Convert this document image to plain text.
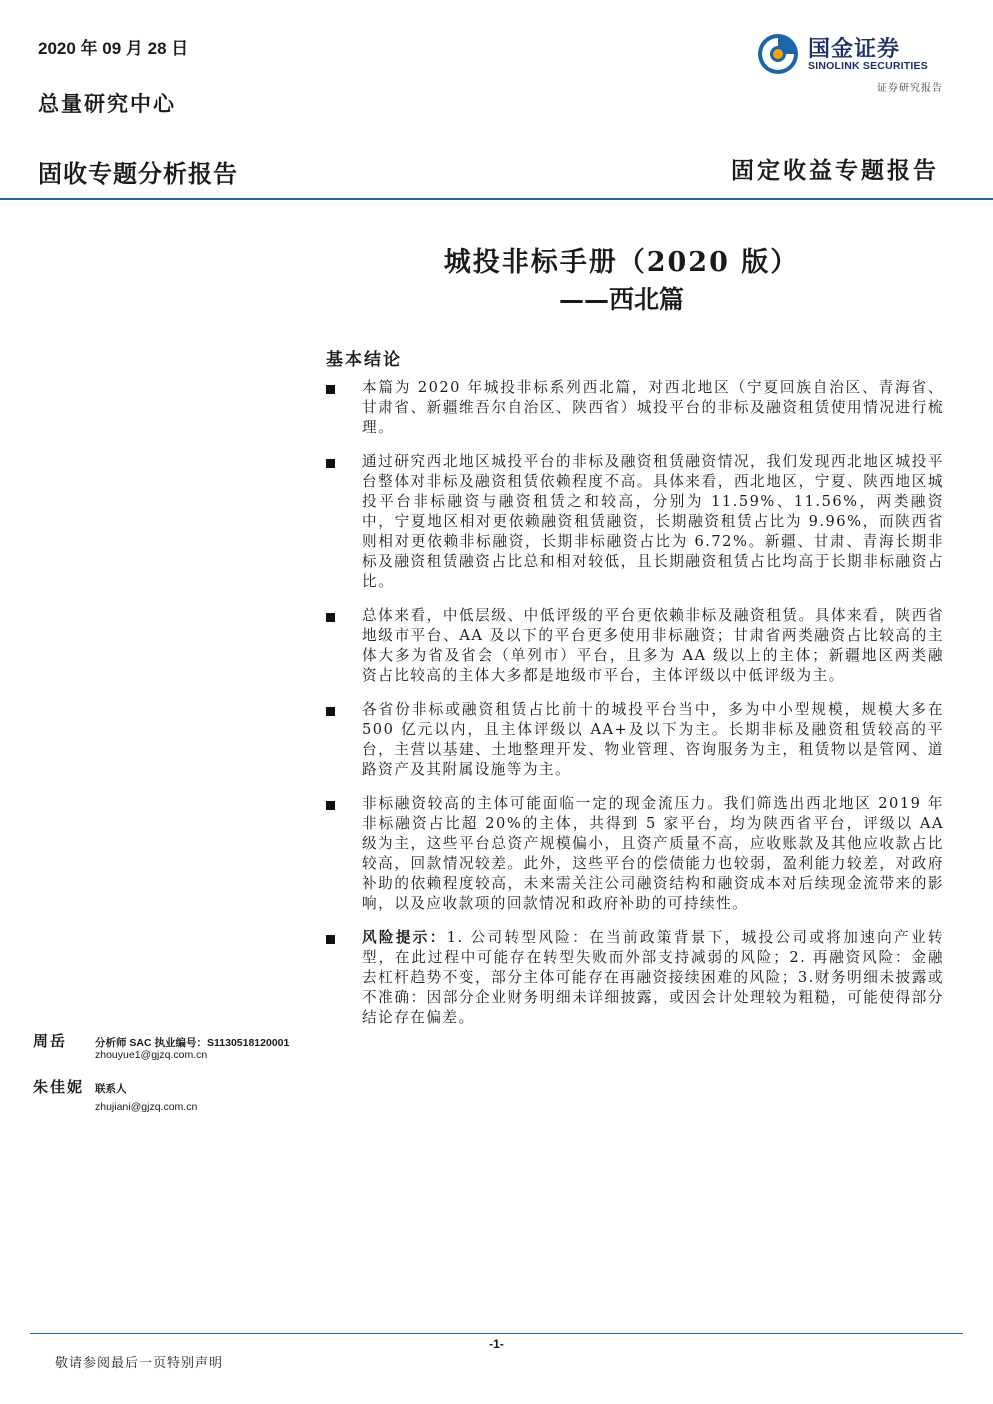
2020 年 09 月 28 日
总量研究中心
固收专题分析报告	固定收益专题报告
国金证券
SINOLINK SECURITIES
证券研究报告
城投非标手册（2020 版）
——西北篇
基本结论
本篇为 2020 年城投非标系列西北篇，对西北地区（宁夏回族自治区、青海省、甘肃省、新疆维吾尔自治区、陕西省）城投平台的非标及融资租赁使用情况进行梳理。
通过研究西北地区城投平台的非标及融资租赁融资情况，我们发现西北地区城投平台整体对非标及融资租赁依赖程度不高。具体来看，西北地区，宁夏、陕西地区城投平台非标融资与融资租赁之和较高，分别为 11.59%、11.56%，两类融资中，宁夏地区相对更依赖融资租赁融资，长期融资租赁占比为 9.96%，而陕西省则相对更依赖非标融资，长期非标融资占比为 6.72%。新疆、甘肃、青海长期非标及融资租赁融资占比总和相对较低，且长期融资租赁占比均高于长期非标融资占比。
总体来看，中低层级、中低评级的平台更依赖非标及融资租赁。具体来看，陕西省地级市平台、AA 及以下的平台更多使用非标融资；甘肃省两类融资占比较高的主体大多为省及省会（单列市）平台，且多为 AA 级以上的主体；新疆地区两类融资占比较高的主体大多都是地级市平台，主体评级以中低评级为主。
各省份非标或融资租赁占比前十的城投平台当中，多为中小型规模，规模大多在 500 亿元以内，且主体评级以 AA+及以下为主。长期非标及融资租赁较高的平台，主营以基建、土地整理开发、物业管理、咨询服务为主，租赁物以是管网、道路资产及其附属设施等为主。
非标融资较高的主体可能面临一定的现金流压力。我们筛选出西北地区 2019 年非标融资占比超 20%的主体，共得到 5 家平台，均为陕西省平台，评级以 AA 级为主，这些平台总资产规模偏小，且资产质量不高，应收账款及其他应收款占比较高，回款情况较差。此外，这些平台的偿债能力也较弱，盈利能力较差，对政府补助的依赖程度较高，未来需关注公司融资结构和融资成本对后续现金流带来的影响，以及应收款项的回款情况和政府补助的可持续性。
风险提示：1. 公司转型风险：在当前政策背景下，城投公司或将加速向产业转型，在此过程中可能存在转型失败而外部支持减弱的风险；2. 再融资风险：金融去杠杆趋势不变，部分主体可能存在再融资接续困难的风险；3.财务明细未披露或不准确：因部分企业财务明细未详细披露，或因会计处理较为粗糙，可能使得部分结论存在偏差。
周岳	分析师 SAC 执业编号：S1130518120001
zhouyue1@gjzq.com.cn
朱佳妮 联系人
zhujiani@gjzq.com.cn
-1-
敬请参阅最后一页特别声明
